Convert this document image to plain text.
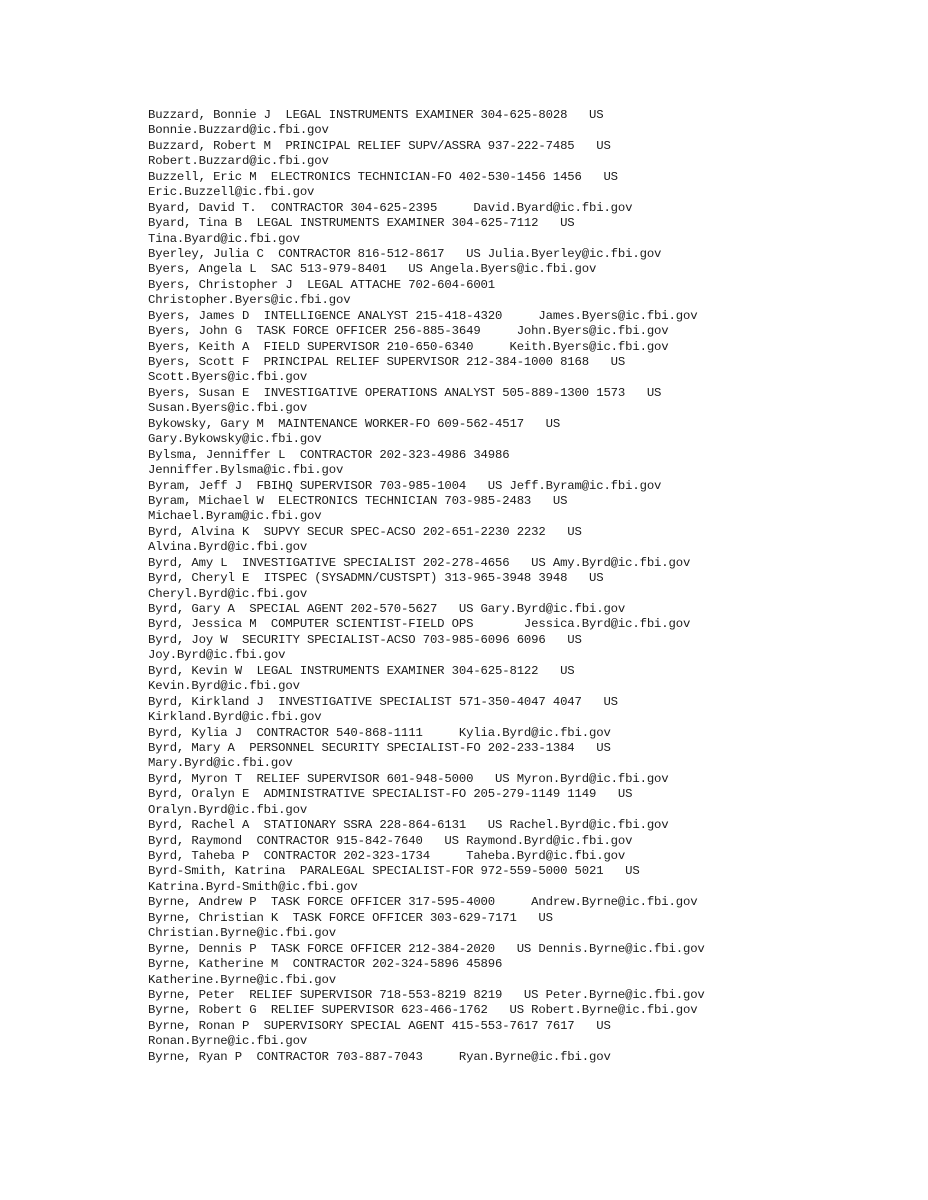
Buzzard, Bonnie J  LEGAL INSTRUMENTS EXAMINER 304-625-8028   US
Bonnie.Buzzard@ic.fbi.gov
Buzzard, Robert M  PRINCIPAL RELIEF SUPV/ASSRA 937-222-7485   US
Robert.Buzzard@ic.fbi.gov
Buzzell, Eric M  ELECTRONICS TECHNICIAN-FO 402-530-1456 1456   US
Eric.Buzzell@ic.fbi.gov
Byard, David T.  CONTRACTOR 304-625-2395     David.Byard@ic.fbi.gov
Byard, Tina B  LEGAL INSTRUMENTS EXAMINER 304-625-7112   US
Tina.Byard@ic.fbi.gov
Byerley, Julia C  CONTRACTOR 816-512-8617   US Julia.Byerley@ic.fbi.gov
Byers, Angela L  SAC 513-979-8401   US Angela.Byers@ic.fbi.gov
Byers, Christopher J  LEGAL ATTACHE 702-604-6001
Christopher.Byers@ic.fbi.gov
Byers, James D  INTELLIGENCE ANALYST 215-418-4320     James.Byers@ic.fbi.gov
Byers, John G  TASK FORCE OFFICER 256-885-3649     John.Byers@ic.fbi.gov
Byers, Keith A  FIELD SUPERVISOR 210-650-6340     Keith.Byers@ic.fbi.gov
Byers, Scott F  PRINCIPAL RELIEF SUPERVISOR 212-384-1000 8168   US
Scott.Byers@ic.fbi.gov
Byers, Susan E  INVESTIGATIVE OPERATIONS ANALYST 505-889-1300 1573   US
Susan.Byers@ic.fbi.gov
Bykowsky, Gary M  MAINTENANCE WORKER-FO 609-562-4517   US
Gary.Bykowsky@ic.fbi.gov
Bylsma, Jenniffer L  CONTRACTOR 202-323-4986 34986
Jenniffer.Bylsma@ic.fbi.gov
Byram, Jeff J  FBIHQ SUPERVISOR 703-985-1004   US Jeff.Byram@ic.fbi.gov
Byram, Michael W  ELECTRONICS TECHNICIAN 703-985-2483   US
Michael.Byram@ic.fbi.gov
Byrd, Alvina K  SUPVY SECUR SPEC-ACSO 202-651-2230 2232   US
Alvina.Byrd@ic.fbi.gov
Byrd, Amy L  INVESTIGATIVE SPECIALIST 202-278-4656   US Amy.Byrd@ic.fbi.gov
Byrd, Cheryl E  ITSPEC (SYSADMN/CUSTSPT) 313-965-3948 3948   US
Cheryl.Byrd@ic.fbi.gov
Byrd, Gary A  SPECIAL AGENT 202-570-5627   US Gary.Byrd@ic.fbi.gov
Byrd, Jessica M  COMPUTER SCIENTIST-FIELD OPS       Jessica.Byrd@ic.fbi.gov
Byrd, Joy W  SECURITY SPECIALIST-ACSO 703-985-6096 6096   US
Joy.Byrd@ic.fbi.gov
Byrd, Kevin W  LEGAL INSTRUMENTS EXAMINER 304-625-8122   US
Kevin.Byrd@ic.fbi.gov
Byrd, Kirkland J  INVESTIGATIVE SPECIALIST 571-350-4047 4047   US
Kirkland.Byrd@ic.fbi.gov
Byrd, Kylia J  CONTRACTOR 540-868-1111     Kylia.Byrd@ic.fbi.gov
Byrd, Mary A  PERSONNEL SECURITY SPECIALIST-FO 202-233-1384   US
Mary.Byrd@ic.fbi.gov
Byrd, Myron T  RELIEF SUPERVISOR 601-948-5000   US Myron.Byrd@ic.fbi.gov
Byrd, Oralyn E  ADMINISTRATIVE SPECIALIST-FO 205-279-1149 1149   US
Oralyn.Byrd@ic.fbi.gov
Byrd, Rachel A  STATIONARY SSRA 228-864-6131   US Rachel.Byrd@ic.fbi.gov
Byrd, Raymond  CONTRACTOR 915-842-7640   US Raymond.Byrd@ic.fbi.gov
Byrd, Taheba P  CONTRACTOR 202-323-1734     Taheba.Byrd@ic.fbi.gov
Byrd-Smith, Katrina  PARALEGAL SPECIALIST-FOR 972-559-5000 5021   US
Katrina.Byrd-Smith@ic.fbi.gov
Byrne, Andrew P  TASK FORCE OFFICER 317-595-4000     Andrew.Byrne@ic.fbi.gov
Byrne, Christian K  TASK FORCE OFFICER 303-629-7171   US
Christian.Byrne@ic.fbi.gov
Byrne, Dennis P  TASK FORCE OFFICER 212-384-2020   US Dennis.Byrne@ic.fbi.gov
Byrne, Katherine M  CONTRACTOR 202-324-5896 45896
Katherine.Byrne@ic.fbi.gov
Byrne, Peter  RELIEF SUPERVISOR 718-553-8219 8219   US Peter.Byrne@ic.fbi.gov
Byrne, Robert G  RELIEF SUPERVISOR 623-466-1762   US Robert.Byrne@ic.fbi.gov
Byrne, Ronan P  SUPERVISORY SPECIAL AGENT 415-553-7617 7617   US
Ronan.Byrne@ic.fbi.gov
Byrne, Ryan P  CONTRACTOR 703-887-7043     Ryan.Byrne@ic.fbi.gov
